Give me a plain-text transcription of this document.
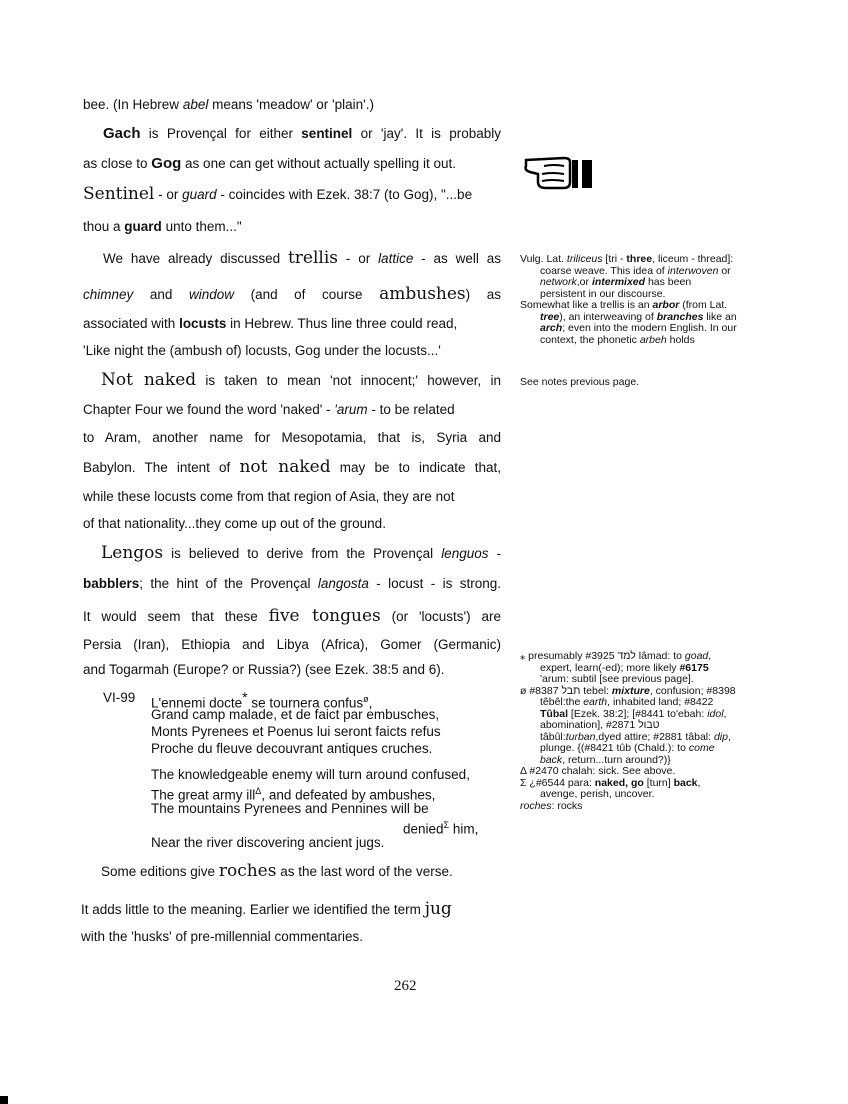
bee. (In Hebrew abel means 'meadow' or 'plain'.)
Gach is Provençal for either sentinel or 'jay'. It is probably
as close to Gog as one can get without actually spelling it out.
Sentinel - or guard - coincides with Ezek. 38:7 (to Gog), "...be
thou a guard unto them..."
We have already discussed trellis - or lattice - as well as
chimney and window (and of course ambushes) as
associated with locusts in Hebrew. Thus line three could read,
'Like night the (ambush of) locusts, Gog under the locusts...'
Not naked is taken to mean 'not innocent;' however, in
Chapter Four we found the word 'naked' - 'arum - to be related
to Aram, another name for Mesopotamia, that is, Syria and
Babylon. The intent of not naked may be to indicate that,
while these locusts come from that region of Asia, they are not
of that nationality...they come up out of the ground.
Lengos is believed to derive from the Provençal lenguos -
babblers; the hint of the Provençal langosta - locust - is strong.
It would seem that these five tongues (or 'locusts') are
Persia (Iran), Ethiopia and Libya (Africa), Gomer (Germanic)
and Togarmah (Europe? or Russia?) (see Ezek. 38:5 and 6).
VI-99 L'ennemi docte* se tournera confus$^ø$,
Grand camp malade, et de faict par embusches,
Monts Pyrenees et Poenus lui seront faicts refus
Proche du fleuve decouvrant antiques cruches.
The knowledgeable enemy will turn around confused,
The great army ill$^\Delta$, and defeated by ambushes,
The mountains Pyrenees and Pennines will be
denied$^\Sigma$ him,
Near the river discovering ancient jugs.
Some editions give roches as the last word of the verse.
It adds little to the meaning. Earlier we identified the term jug
with the 'husks' of pre-millennial commentaries.

Vulg. Lat. triliceus [tri - three, liceum - thread]: coarse weave. This idea of interwoven or network,or intermixed has been persistent in our discourse.

Somewhat like a trellis is an arbor (from Lat. tree), an interweaving of branches like an arch; even into the modern English. In our context, the phonetic arbeh holds

See notes previous page.

⁎ presumably #3925 למד lâmad: to goad, expert, learn(-ed); more likely #6175 'arum: subtil [see previous page].

ø #8387 תבל tebel: mixture, confusion; #8398 têbêl:the earth, inhabited land; #8422 Tûbal [Ezek. 38:2]; [#8441 to'ebah: idol, abomination], #2871 טבול tâbûl:turban,dyed attire; #2881 tâbal: dip, plunge. {(#8421 tûb (Chald.): to come back, return...turn around?)}

Δ #2470 chalah: sick. See above.

Σ ¿#6544 para: naked, go [turn] back, avenge, perish, uncover.

roches: rocks

262
